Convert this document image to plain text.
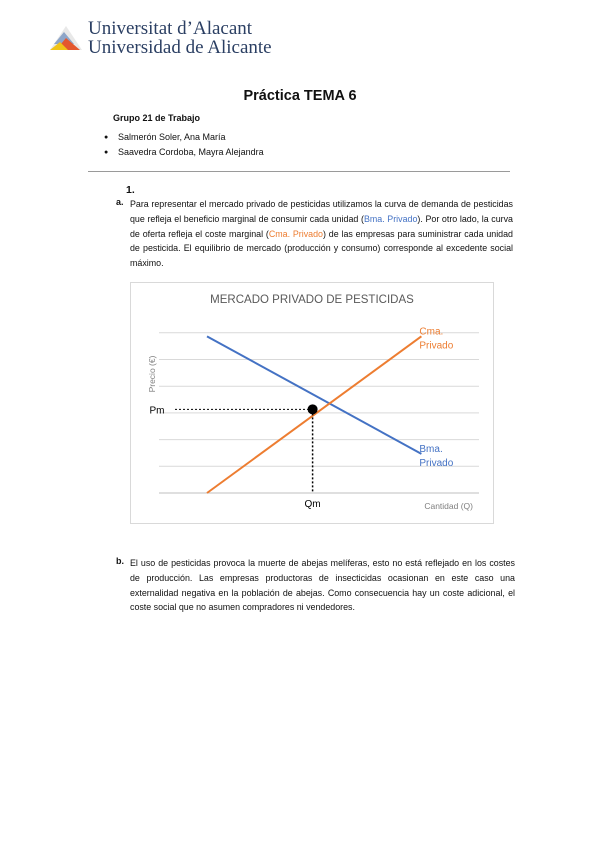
Universitat d’Alacant
Universidad de Alicante
Práctica TEMA 6
Grupo 21 de Trabajo
● Salmerón Soler, Ana María
● Saavedra Cordoba, Mayra Alejandra
1.
a. Para representar el mercado privado de pesticidas utilizamos la curva de demanda de pesticidas que refleja el beneficio marginal de consumir cada unidad (Bma. Privado). Por otro lado, la curva de oferta refleja el coste marginal (Cma. Privado) de las empresas para suministrar cada unidad de pesticida. El equilibrio de mercado (producción y consumo) corresponde al excedente social máximo.
MERCADO PRIVADO DE PESTICIDAS
Precio (€)
Cantidad (Q)
Pm
Qm
Cma.
Privado
Bma.
Privado
b. El uso de pesticidas provoca la muerte de abejas melíferas, esto no está reflejado en los costes de producción. Las empresas productoras de insecticidas ocasionan en este caso una externalidad negativa en la población de abejas. Como consecuencia hay un coste adicional, el coste social que no asumen compradores ni vendedores.
